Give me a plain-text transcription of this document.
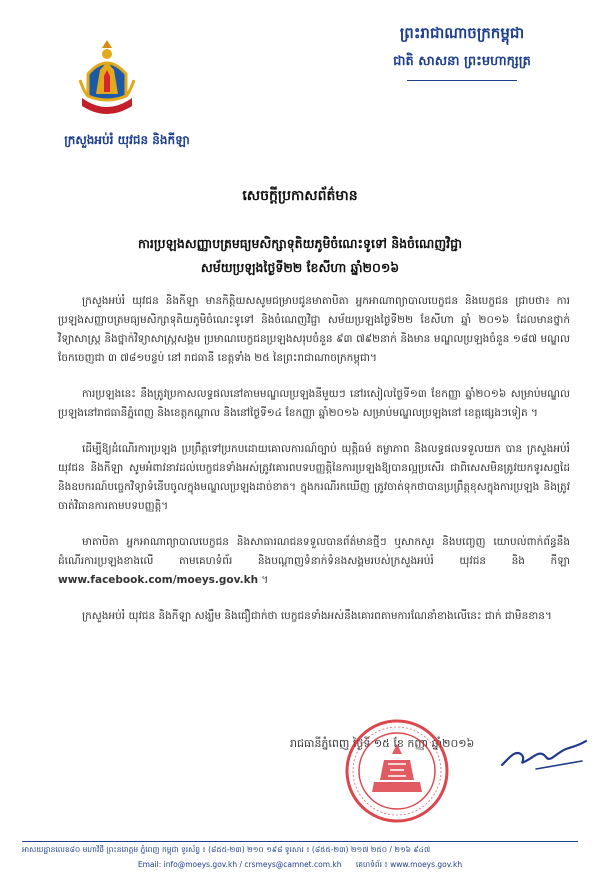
ក្រសួងអប់រំ យុវជន និងកីឡា
ព្រះរាជាណាចក្រកម្ពុជា
ជាតិ សាសនា ព្រះមហាក្សត្រ
សេចក្តីប្រកាសព័ត៌មាន
ការប្រឡងសញ្ញាបត្រមធ្យមសិក្សាទុតិយភូមិចំណេះទូទៅ និងចំណេញវិជ្ជា
សម័យប្រឡងថ្ងៃទី២២ ខែសីហា ឆ្នាំ២០១៦

ក្រសួងអប់រំ យុវជន និងកីឡា មានកិត្តិយសសូមជម្រាបជូនមាតាបិតា អ្នកអាណាព្យាបាលបេក្ខជន និងបេក្ខជន ជ្រាបថា៖ ការប្រឡងសញ្ញាបត្រមធ្យមសិក្សាទុតិយភូមិចំណេះទូទៅ និងចំណេញវិជ្ជា សម័យប្រឡងថ្ងៃទី២២ ខែសីហា ឆ្នាំ ២០១៦ ដែលមានថ្នាក់វិទ្យាសាស្ត្រ និងថ្នាក់វិទ្យាសាស្ត្រសង្គម ប្រមាណបេក្ខជនប្រឡងសរុបចំនួន ៩៣ ៧៩២នាក់ និងមាន មណ្ឌលប្រឡងចំនួន ១៨៧ មណ្ឌល ចែកចេញជា ៣ ៧៨១បន្ទប់ នៅ រាជធានី ខេត្តទាំង ២៥ នៃព្រះរាជាណាចក្រកម្ពុជា។

ការប្រឡងនេះ នឹងត្រូវប្រកាសលទ្ធផលនៅតាមមណ្ឌលប្រឡងនីមួយៗ នៅរសៀលថ្ងៃទី១៣ ខែកញ្ញា ឆ្នាំ២០១៦ សម្រាប់មណ្ឌលប្រឡងនៅរាជធានីភ្នំពេញ និងខេត្តកណ្តាល និងនៅថ្ងៃទី១៤ ខែកញ្ញា ឆ្នាំ២០១៦ សម្រាប់មណ្ឌលប្រឡងនៅ ខេត្តផ្សេងៗទៀត ។

ដើម្បីឱ្យដំណើរការប្រឡង ប្រព្រឹត្តទៅប្រកបដោយគោលការណ៍ច្បាប់ យុត្តិធម៌ តម្លាភាព និងលទ្ធផលទទួលយក បាន ក្រសួងអប់រំ យុវជន និងកីឡា សូមអំពាវនាវដល់បេក្ខជនទាំងអស់ត្រូវគោរពបទបញ្ញត្តិនៃការប្រឡងឱ្យបានល្អប្រសើរ ជាពិសេសមិនត្រូវយកទូរសព្ទដៃ និងឧបករណ៍បច្ចេកវិទ្យាទំនើបចូលក្នុងមណ្ឌលប្រឡងដាច់ខាត។ ក្នុងករណីរកឃើញ ត្រូវចាត់ទុកថាបានប្រព្រឹត្តខុសក្នុងការប្រឡង និងត្រូវចាត់វិធានការតាមបទបញ្ញត្តិ។

មាតាបិតា អ្នកអាណាព្យាបាលបេក្ខជន និងសាធារណជនទទួលបានព័ត៌មានថ្មីៗ ឬសាកសួរ និងបញ្ចេញ យោបល់ពាក់ព័ន្ធនឹងដំណើរការប្រឡងខាងលើ តាមគេហទំព័រ និងបណ្តាញទំនាក់ទំនងសង្គមរបស់ក្រសួងអប់រំ យុវជន និង កីឡា www.facebook.com/moeys.gov.kh ។

ក្រសួងអប់រំ យុវជន និងកីឡា សង្ឃឹម និងជឿជាក់ថា បេក្ខជនទាំងអស់នឹងគោរពតាមការណែនាំខាងលើនេះ ជាក់ ជាមិនខាន។

រាជធានីភ្នំពេញ ថ្ងៃទី ១៥ ខែ កញ្ញា ឆ្នាំ២០១៦
អាសយដ្ឋានលេខ៨០ មហាវិថី ព្រះនរោត្តម ភ្នំពេញ កម្ពុជា ទូរស័ព្ទ ៖ (៨៥៥-២៣) ២១០ ១៩៨ ទូរសារ ៖ (៨៥៥-២៣) ២១៧ ២៥០ / ២១៦ ៩៤៧
Email: info@moeys.gov.kh / crsmeys@camnet.com.kh គេហទំព័រ ៖ www.moeys.gov.kh
